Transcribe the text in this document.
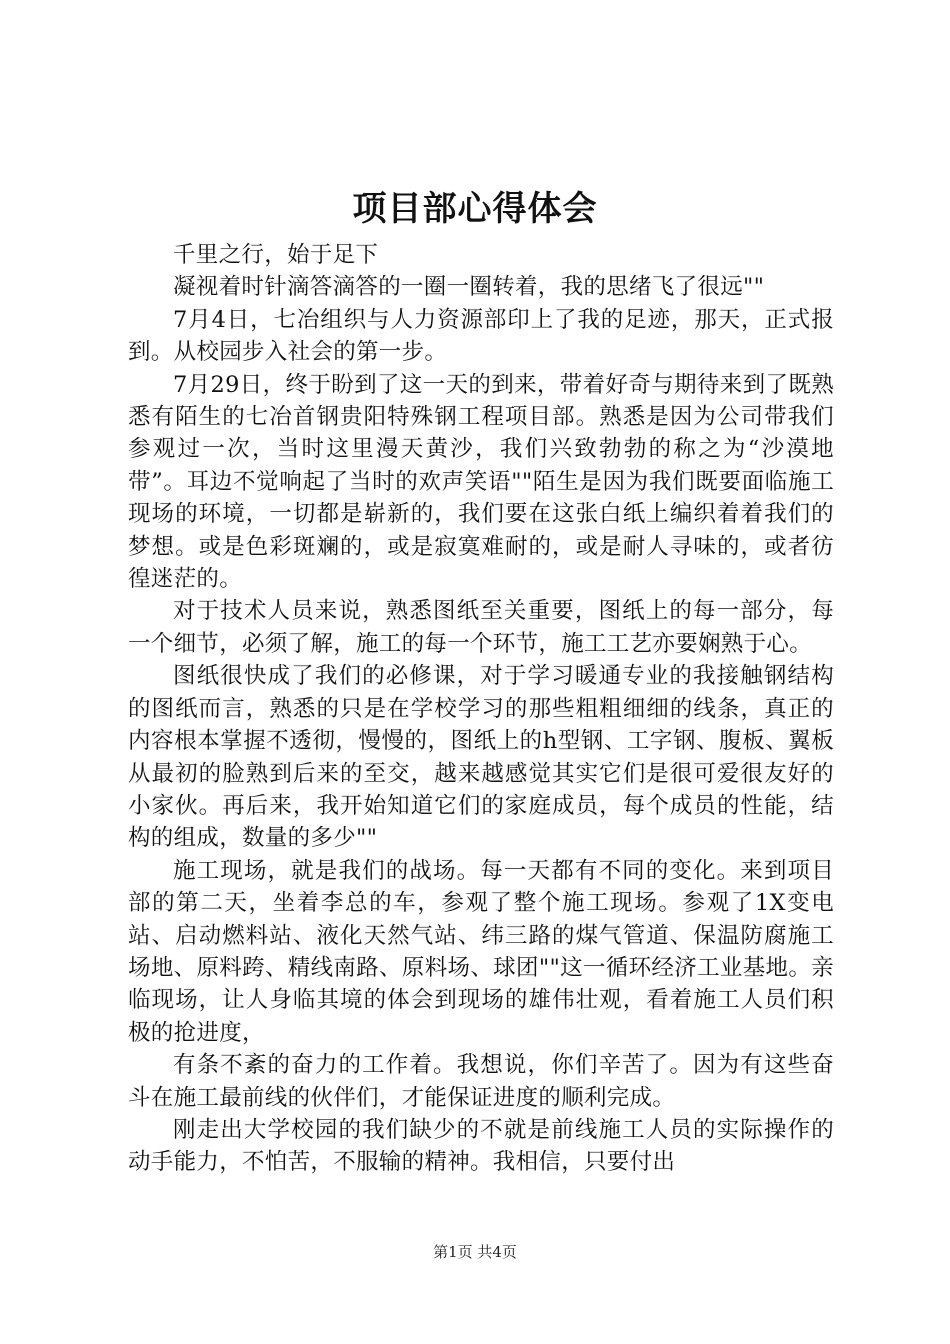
项目部心得体会

千里之行，始于足下

凝视着时针滴答滴答的一圈一圈转着，我的思绪飞了很远""

7月4日，七冶组织与人力资源部印上了我的足迹，那天，正式报到。从校园步入社会的第一步。

7月29日，终于盼到了这一天的到来，带着好奇与期待来到了既熟悉有陌生的七冶首钢贵阳特殊钢工程项目部。熟悉是因为公司带我们参观过一次，当时这里漫天黄沙，我们兴致勃勃的称之为“沙漠地带”。耳边不觉响起了当时的欢声笑语""陌生是因为我们既要面临施工现场的环境，一切都是崭新的，我们要在这张白纸上编织着着我们的梦想。或是色彩斑斓的，或是寂寞难耐的，或是耐人寻味的，或者彷徨迷茫的。

对于技术人员来说，熟悉图纸至关重要，图纸上的每一部分，每一个细节，必须了解，施工的每一个环节，施工工艺亦要娴熟于心。

图纸很快成了我们的必修课，对于学习暖通专业的我接触钢结构的图纸而言，熟悉的只是在学校学习的那些粗粗细细的线条，真正的内容根本掌握不透彻，慢慢的，图纸上的h型钢、工字钢、腹板、翼板从最初的脸熟到后来的至交，越来越感觉其实它们是很可爱很友好的小家伙。再后来，我开始知道它们的家庭成员，每个成员的性能，结构的组成，数量的多少""

施工现场，就是我们的战场。每一天都有不同的变化。来到项目部的第二天，坐着李总的车，参观了整个施工现场。参观了1X变电站、启动燃料站、液化天然气站、纬三路的煤气管道、保温防腐施工场地、原料跨、精线南路、原料场、球团""这一循环经济工业基地。亲临现场，让人身临其境的体会到现场的雄伟壮观，看着施工人员们积极的抢进度，

有条不紊的奋力的工作着。我想说，你们辛苦了。因为有这些奋斗在施工最前线的伙伴们，才能保证进度的顺利完成。

刚走出大学校园的我们缺少的不就是前线施工人员的实际操作的动手能力，不怕苦，不服输的精神。我相信，只要付出

第1页 共4页
